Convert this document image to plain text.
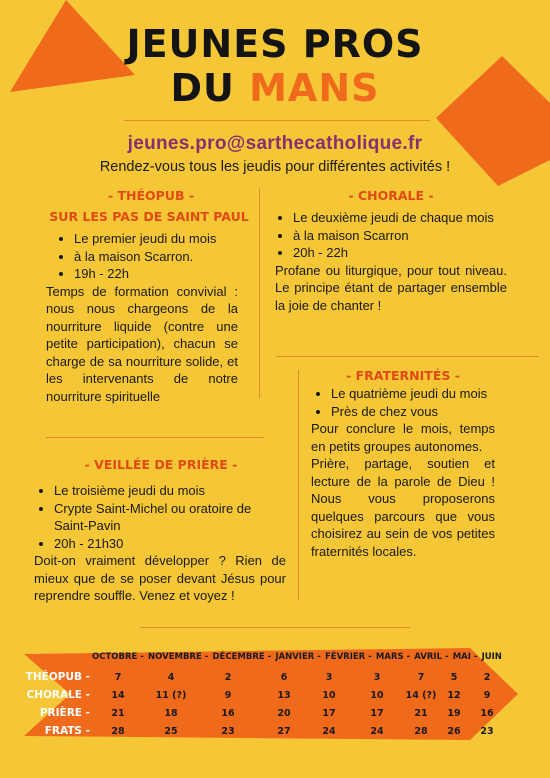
JEUNES PROS
DU MANS
jeunes.pro@sarthecatholique.fr
Rendez-vous tous les jeudis pour différentes activités !
- THÉOPUB -
SUR LES PAS DE SAINT PAUL
• Le premier jeudi du mois
• à la maison Scarron.
• 19h - 22h
Temps de formation convivial : nous nous chargeons de la nourriture liquide (contre une petite participation), chacun se charge de sa nourriture solide, et les intervenants de notre nourriture spirituelle
- CHORALE -
• Le deuxième jeudi de chaque mois
• à la maison Scarron
• 20h - 22h
Profane ou liturgique, pour tout niveau. Le principe étant de partager ensemble la joie de chanter !
- FRATERNITÉS -
• Le quatrième jeudi du mois
• Près de chez vous
Pour conclure le mois, temps en petits groupes autonomes.
Prière, partage, soutien et lecture de la parole de Dieu ! Nous vous proposerons quelques parcours que vous choisirez au sein de vos petites fraternités locales.
- VEILLÉE DE PRIÈRE -
• Le troisième jeudi du mois
• Crypte Saint-Michel ou oratoire de Saint-Pavin
• 20h - 21h30
Doit-on vraiment développer ? Rien de mieux que de se poser devant Jésus pour reprendre souffle. Venez et voyez !
OCTOBRE - NOVEMBRE - DÉCEMBRE - JANVIER - FÉVRIER - MARS - AVRIL - MAI - JUIN
THÉOPUB -	7	4	2	6	3	3	7	5	2
CHORALE -	14	11 (?)	9	13	10	10	14 (?)	12	9
PRIÈRE -	21	18	16	20	17	17	21	19	16
FRATS -	28	25	23	27	24	24	28	26	23
